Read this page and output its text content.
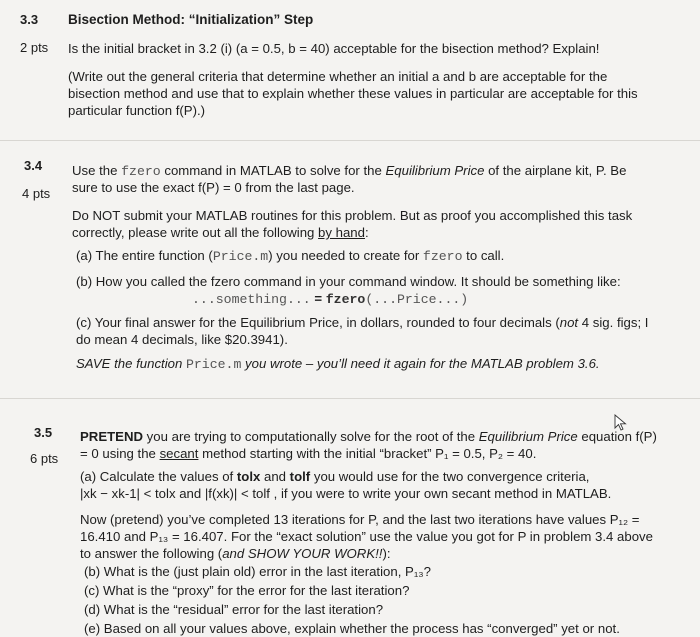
3.3 Bisection Method: “Initialization” Step
2 pts Is the initial bracket in 3.2 (i) (a = 0.5, b = 40) acceptable for the bisection method? Explain!
(Write out the general criteria that determine whether an initial a and b are acceptable for the
bisection method and use that to explain whether these values in particular are acceptable for this
particular function f(P).)
3.4
4 pts
Use the fzero command in MATLAB to solve for the Equilibrium Price of the airplane kit, P. Be
sure to use the exact f(P) = 0 from the last page.
Do NOT submit your MATLAB routines for this problem. But as proof you accomplished this task
correctly, please write out all the following by hand:
(a) The entire function (Price.m) you needed to create for fzero to call.
(b) How you called the fzero command in your command window. It should be something like:
...something... = fzero(...Price...)
(c) Your final answer for the Equilibrium Price, in dollars, rounded to four decimals (not 4 sig. figs; I
do mean 4 decimals, like $20.3941).
SAVE the function Price.m you wrote – you’ll need it again for the MATLAB problem 3.6.
3.5
6 pts
PRETEND you are trying to computationally solve for the root of the Equilibrium Price equation f(P)
= 0 using the secant method starting with the initial “bracket” P₁ = 0.5, P₂ = 40.
(a) Calculate the values of tolx and tolf you would use for the two convergence criteria,
|xk − xk-1| < tolx and |f(xk)| < tolf , if you were to write your own secant method in MATLAB.
Now (pretend) you’ve completed 13 iterations for P, and the last two iterations have values P₁₂ =
16.410 and P₁₃ = 16.407. For the “exact solution” use the value you got for P in problem 3.4 above
to answer the following (and SHOW YOUR WORK!!):
(b) What is the (just plain old) error in the last iteration, P₁₃?
(c) What is the “proxy” for the error for the last iteration?
(d) What is the “residual” error for the last iteration?
(e) Based on all your values above, explain whether the process has “converged” yet or not.
